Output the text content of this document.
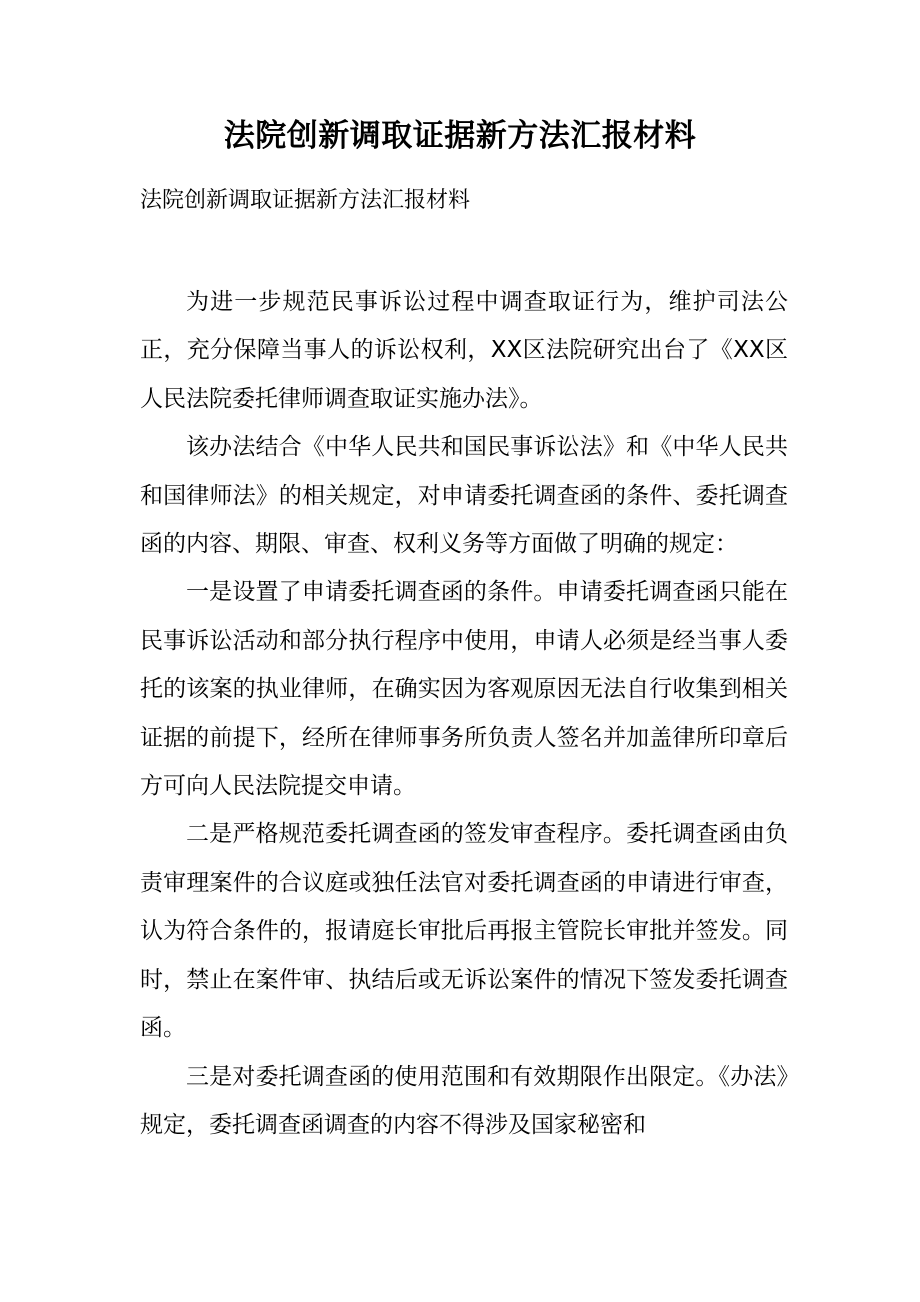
法院创新调取证据新方法汇报材料

法院创新调取证据新方法汇报材料

为进一步规范民事诉讼过程中调查取证行为，维护司法公正，充分保障当事人的诉讼权利，XX区法院研究出台了《XX区人民法院委托律师调查取证实施办法》。

该办法结合《中华人民共和国民事诉讼法》和《中华人民共和国律师法》的相关规定，对申请委托调查函的条件、委托调查函的内容、期限、审查、权利义务等方面做了明确的规定：

一是设置了申请委托调查函的条件。申请委托调查函只能在民事诉讼活动和部分执行程序中使用，申请人必须是经当事人委托的该案的执业律师，在确实因为客观原因无法自行收集到相关证据的前提下，经所在律师事务所负责人签名并加盖律所印章后方可向人民法院提交申请。

二是严格规范委托调查函的签发审查程序。委托调查函由负责审理案件的合议庭或独任法官对委托调查函的申请进行审查，认为符合条件的，报请庭长审批后再报主管院长审批并签发。同时，禁止在案件审、执结后或无诉讼案件的情况下签发委托调查函。

三是对委托调查函的使用范围和有效期限作出限定。《办法》规定，委托调查函调查的内容不得涉及国家秘密和
